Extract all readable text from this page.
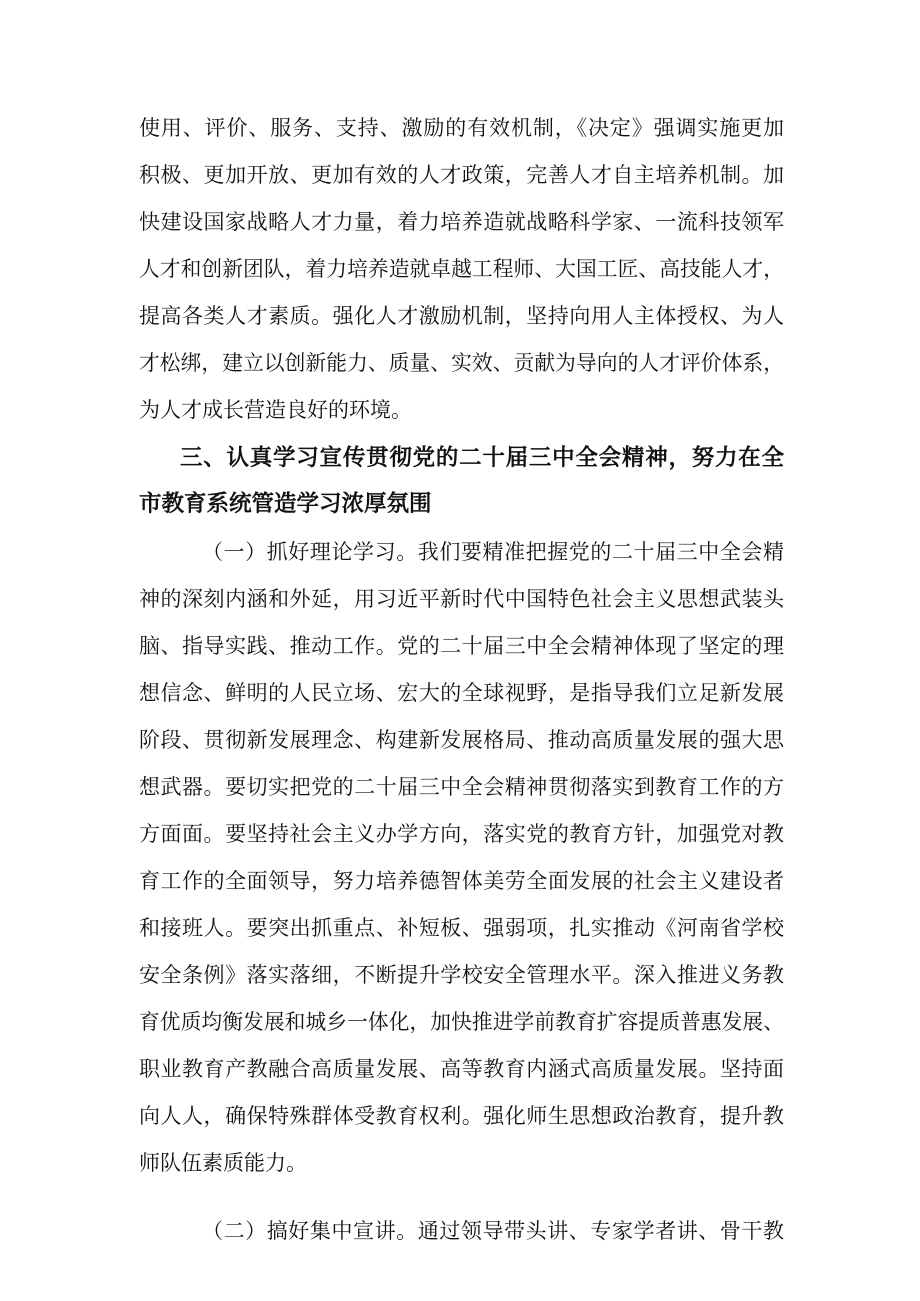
使用、评价、服务、支持、激励的有效机制，《决定》强调实施更加
积极、更加开放、更加有效的人才政策，完善人才自主培养机制。加
快建设国家战略人才力量，着力培养造就战略科学家、一流科技领军
人才和创新团队，着力培养造就卓越工程师、大国工匠、高技能人才，
提高各类人才素质。强化人才激励机制，坚持向用人主体授权、为人
才松绑，建立以创新能力、质量、实效、贡献为导向的人才评价体系，
为人才成长营造良好的环境。
三、认真学习宣传贯彻党的二十届三中全会精神，努力在全
市教育系统管造学习浓厚氛围
（一）抓好理论学习。我们要精准把握党的二十届三中全会精
神的深刻内涵和外延，用习近平新时代中国特色社会主义思想武装头
脑、指导实践、推动工作。党的二十届三中全会精神体现了坚定的理
想信念、鲜明的人民立场、宏大的全球视野，是指导我们立足新发展
阶段、贯彻新发展理念、构建新发展格局、推动高质量发展的强大思
想武器。要切实把党的二十届三中全会精神贯彻落实到教育工作的方
方面面。要坚持社会主义办学方向，落实党的教育方针，加强党对教
育工作的全面领导，努力培养德智体美劳全面发展的社会主义建设者
和接班人。要突出抓重点、补短板、强弱项，扎实推动《河南省学校
安全条例》落实落细，不断提升学校安全管理水平。深入推进义务教
育优质均衡发展和城乡一体化，加快推进学前教育扩容提质普惠发展、
职业教育产教融合高质量发展、高等教育内涵式高质量发展。坚持面
向人人，确保特殊群体受教育权利。强化师生思想政治教育，提升教
师队伍素质能力。
（二）搞好集中宣讲。通过领导带头讲、专家学者讲、骨干教
